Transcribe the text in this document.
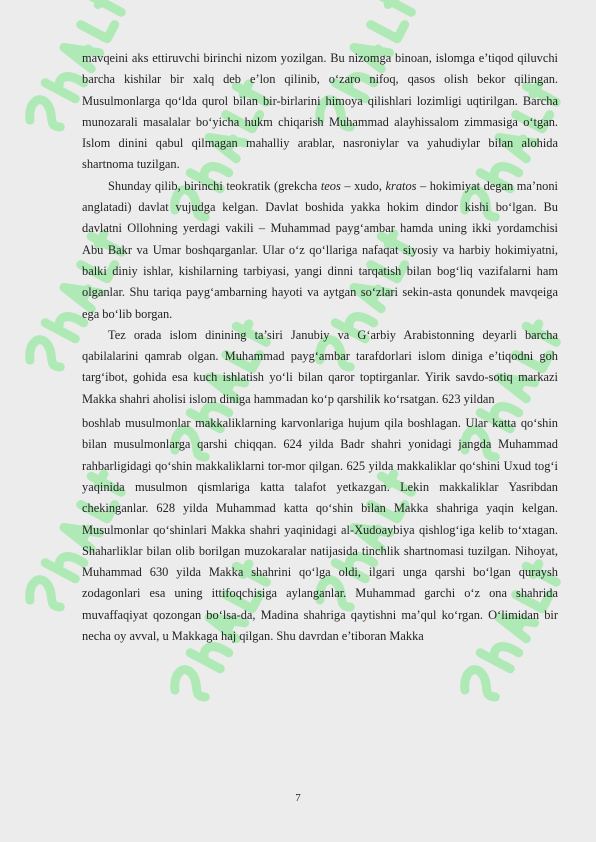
mavqeini aks ettiruvchi birinchi nizom yozilgan. Bu nizomga binoan, islomga e’tiqod qiluvchi barcha kishilar bir xalq deb e’lon qilinib, o‘zaro nifoq, qasos olish bekor qilingan. Musulmonlarga qo‘lda qurol bilan bir-birlarini himoya qilishlari lozimligi uqtirilgan. Barcha munozarali masalalar bo‘yicha hukm chiqarish Muhammad alayhissalom zimmasiga o‘tgan. Islom dinini qabul qilmagan mahalliy arablar, nasroniylar va yahudiylar bilan alohida shartnoma tuzilgan.

Shunday qilib, birinchi teokratik (grekcha teos – xudo, kratos – hokimiyat degan ma’noni anglatadi) davlat vujudga kelgan. Davlat boshida yakka hokim dindor kishi bo‘lgan. Bu davlatni Ollohning yerdagi vakili – Muhammad payg‘ambar hamda uning ikki yordamchisi Abu Bakr va Umar boshqarganlar. Ular o‘z qo‘llariga nafaqat siyosiy va harbiy hokimiyatni, balki diniy ishlar, kishilarning tarbiyasi, yangi dinni tarqatish bilan bog‘liq vazifalarni ham olganlar. Shu tariqa payg‘ambarning hayoti va aytgan so‘zlari sekin-asta qonundek mavqeiga ega bo‘lib borgan.

Tez orada islom dinining ta’siri Janubiy va G‘arbiy Arabistonning deyarli barcha qabilalarini qamrab olgan. Muhammad payg‘ambar tarafdorlari islom diniga e’tiqodni goh targ‘ibot, gohida esa kuch ishlatish yo‘li bilan qaror toptirganlar. Yirik savdo-sotiq markazi Makka shahri aholisi islom diniga hammadan ko‘p qarshilik ko‘rsatgan. 623 yildan

boshlab musulmonlar makkaliklarning karvonlariga hujum qila boshlagan. Ular katta qo‘shin bilan musulmonlarga qarshi chiqqan. 624 yilda Badr shahri yonidagi jangda Muhammad rahbarligidagi qo‘shin makkaliklarni tor-mor qilgan. 625 yilda makkaliklar qo‘shini Uxud tog‘i yaqinida musulmon qismlariga katta talafot yetkazgan. Lekin makkaliklar Yasribdan chekinganlar. 628 yilda Muhammad katta qo‘shin bilan Makka shahriga yaqin kelgan. Musulmonlar qo‘shinlari Makka shahri yaqinidagi al-Xudoaybiya qishlog‘iga kelib to‘xtagan. Shaharliklar bilan olib borilgan muzokaralar natijasida tinchlik shartnomasi tuzilgan. Nihoyat, Muhammad 630 yilda Makka shahrini qo‘lga oldi, ilgari unga qarshi bo‘lgan quraysh zodagonlari esa uning ittifoqchisiga aylanganlar. Muhammad garchi o‘z ona shahrida muvaffaqiyat qozongan bo‘lsa-da, Madina shahriga qaytishni ma’qul ko‘rgan. O‘limidan bir necha oy avval, u Makkaga haj qilgan. Shu davrdan e’tiboran Makka

7
